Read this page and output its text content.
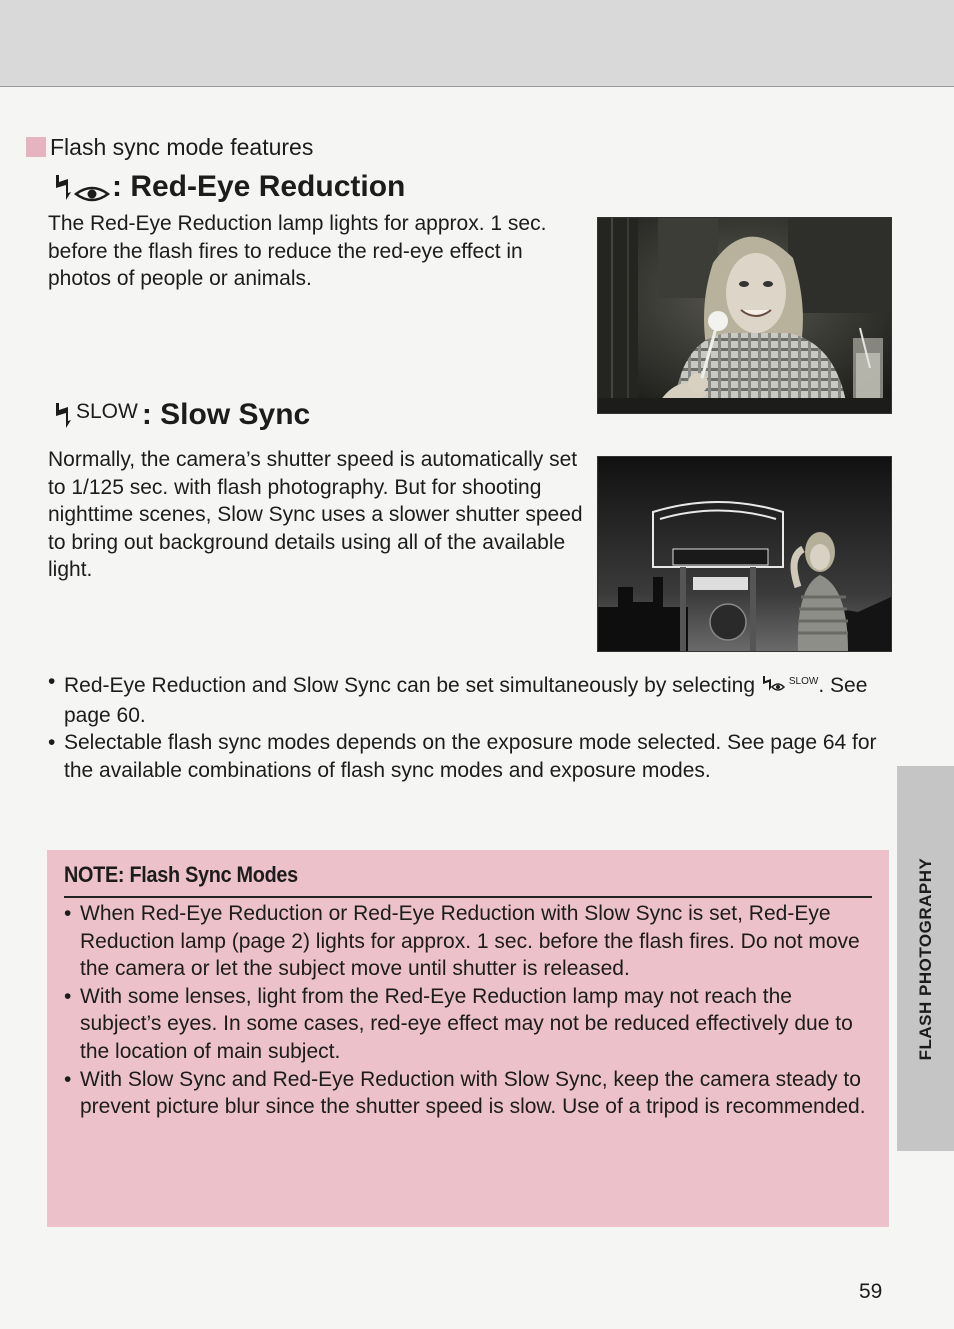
Flash sync mode features
: Red-Eye Reduction
The Red-Eye Reduction lamp lights for approx. 1 sec. before the flash fires to reduce the red-eye effect in photos of people or animals.
SLOW : Slow Sync
Normally, the camera’s shutter speed is automatically set to 1/125 sec. with flash photography. But for shooting nighttime scenes, Slow Sync uses a slower shutter speed to bring out background details using all of the available light.
• Red-Eye Reduction and Slow Sync can be set simultaneously by selecting	$^{SLOW}$. See page 60.
• Selectable flash sync modes depends on the exposure mode selected. See page 64 for the available combinations of flash sync modes and exposure modes.
NOTE: Flash Sync Modes
• When Red-Eye Reduction or Red-Eye Reduction with Slow Sync is set, Red-Eye Reduction lamp (page 2) lights for approx. 1 sec. before the flash fires. Do not move the camera or let the subject move until shutter is released.
• With some lenses, light from the Red-Eye Reduction lamp may not reach the subject’s eyes. In some cases, red-eye effect may not be reduced effectively due to the location of main subject.
• With Slow Sync and Red-Eye Reduction with Slow Sync, keep the camera steady to prevent picture blur since the shutter speed is slow. Use of a tripod is recommended.
FLASH PHOTOGRAPHY
59
